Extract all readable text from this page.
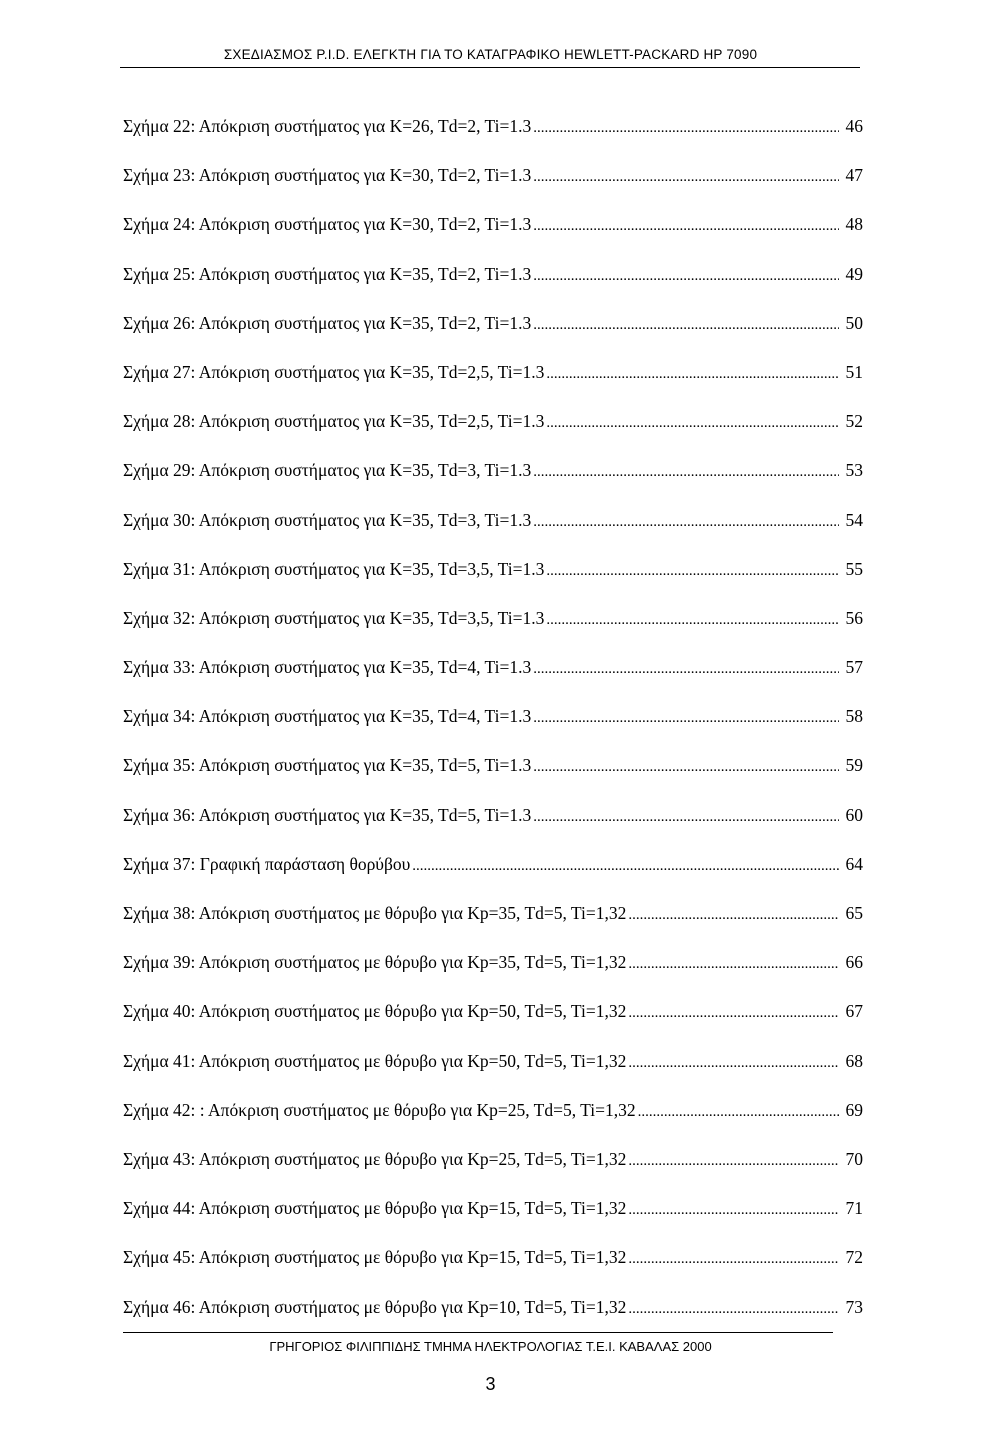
ΣΧΕΔΙΑΣΜΟΣ P.I.D. ΕΛΕΓΚΤΗ ΓΙΑ ΤΟ ΚΑΤΑΓΡΑΦΙΚΟ HEWLETT-PACKARD HP 7090
Σχήμα 22: Απόκριση συστήματος για K=26, Td=2, Ti=1.3 .....	46
Σχήμα 23: Απόκριση συστήματος για K=30, Td=2, Ti=1.3 .....	47
Σχήμα 24: Απόκριση συστήματος για K=30, Td=2, Ti=1.3 .....	48
Σχήμα 25: Απόκριση συστήματος για K=35, Td=2, Ti=1.3 .....	49
Σχήμα 26: Απόκριση συστήματος για K=35, Td=2, Ti=1.3 .....	50
Σχήμα 27: Απόκριση συστήματος για K=35, Td=2,5, Ti=1.3 .....	51
Σχήμα 28: Απόκριση συστήματος για K=35, Td=2,5, Ti=1.3 .....	52
Σχήμα 29: Απόκριση συστήματος για K=35, Td=3, Ti=1.3 .....	53
Σχήμα 30: Απόκριση συστήματος για K=35, Td=3, Ti=1.3 .....	54
Σχήμα 31: Απόκριση συστήματος για K=35, Td=3,5, Ti=1.3 .....	55
Σχήμα 32: Απόκριση συστήματος για K=35, Td=3,5, Ti=1.3 .....	56
Σχήμα 33: Απόκριση συστήματος για K=35, Td=4, Ti=1.3 .....	57
Σχήμα 34: Απόκριση συστήματος για K=35, Td=4, Ti=1.3 .....	58
Σχήμα 35: Απόκριση συστήματος για K=35, Td=5, Ti=1.3 .....	59
Σχήμα 36: Απόκριση συστήματος για K=35, Td=5, Ti=1.3 .....	60
Σχήμα 37: Γραφική παράσταση θορύβου .....	64
Σχήμα 38: Απόκριση συστήματος με θόρυβο για Kp=35, Td=5, Ti=1,32 .....	65
Σχήμα 39: Απόκριση συστήματος με θόρυβο για Kp=35, Td=5, Ti=1,32 .....	66
Σχήμα 40: Απόκριση συστήματος με θόρυβο για Kp=50, Td=5, Ti=1,32 .....	67
Σχήμα 41: Απόκριση συστήματος με θόρυβο για Kp=50, Td=5, Ti=1,32 .....	68
Σχήμα 42: : Απόκριση συστήματος με θόρυβο για Kp=25, Td=5, Ti=1,32 .....	69
Σχήμα 43: Απόκριση συστήματος με θόρυβο για Kp=25, Td=5, Ti=1,32 .....	70
Σχήμα 44: Απόκριση συστήματος με θόρυβο για Kp=15, Td=5, Ti=1,32 .....	71
Σχήμα 45: Απόκριση συστήματος με θόρυβο για Kp=15, Td=5, Ti=1,32 .....	72
Σχήμα 46: Απόκριση συστήματος με θόρυβο για Kp=10, Td=5, Ti=1,32 .....	73
ΓΡΗΓΟΡΙΟΣ ΦΙΛΙΠΠΙΔΗΣ ΤΜΗΜΑ ΗΛΕΚΤΡΟΛΟΓΙΑΣ Τ.Ε.Ι. ΚΑΒΑΛΑΣ 2000
3
